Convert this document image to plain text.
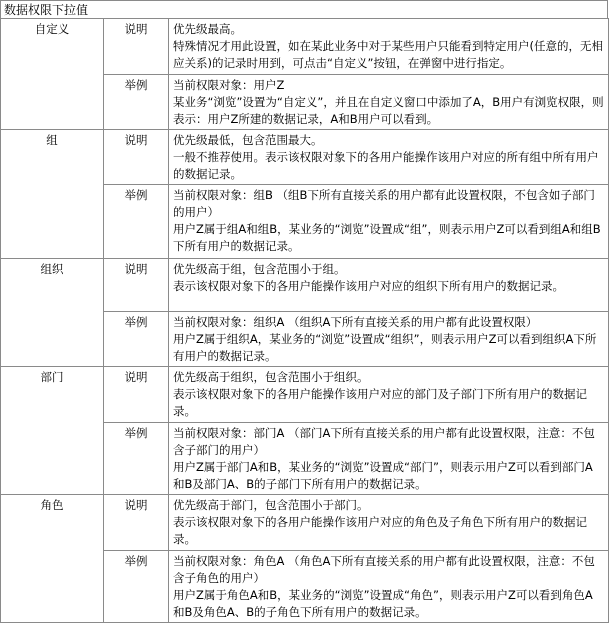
数据权限下拉值
自定义	说明	优先级最高。

特殊情况才用此设置，如在某此业务中对于某些用户只能看到特定用户(任意的，无相应关系)的记录时用到，可点击“自定义”按钮，在弹窗中进行指定。

	举例	当前权限对象：用户Z

某业务“浏览”设置为“自定义”，并且在自定义窗口中添加了A，B用户有浏览权限，则表示：用户Z所建的数据记录，A和B用户可以看到。

组	说明	优先级最低，包含范围最大。

一般不推荐使用。表示该权限对象下的各用户能操作该用户对应的所有组中所有用户的数据记录。

	举例	当前权限对象：组B （组B下所有直接关系的用户都有此设置权限，不包含如子部门的用户）

用户Z属于组A和组B，某业务的“浏览”设置成“组”，则表示用户Z可以看到组A和组B下所有用户的数据记录。

组织	说明	优先级高于组，包含范围小于组。

表示该权限对象下的各用户能操作该用户对应的组织下所有用户的数据记录。

	举例	当前权限对象：组织A （组织A下所有直接关系的用户都有此设置权限）

用户Z属于组织A，某业务的“浏览”设置成“组织”，则表示用户Z可以看到组织A下所有用户的数据记录。

部门	说明	优先级高于组织，包含范围小于组织。

表示该权限对象下的各用户能操作该用户对应的部门及子部门下所有用户的数据记录。

	举例	当前权限对象：部门A （部门A下所有直接关系的用户都有此设置权限，注意：不包含子部门的用户）

用户Z属于部门A和B，某业务的“浏览”设置成“部门”，则表示用户Z可以看到部门A和B及部门A、B的子部门下所有用户的数据记录。

角色	说明	优先级高于部门，包含范围小于部门。

表示该权限对象下的各用户能操作该用户对应的角色及子角色下所有用户的数据记录。

	举例	当前权限对象：角色A （角色A下所有直接关系的用户都有此设置权限，注意：不包含子角色的用户）

用户Z属于角色A和B，某业务的“浏览”设置成“角色”，则表示用户Z可以看到角色A和B及角色A、B的子角色下所有用户的数据记录。
